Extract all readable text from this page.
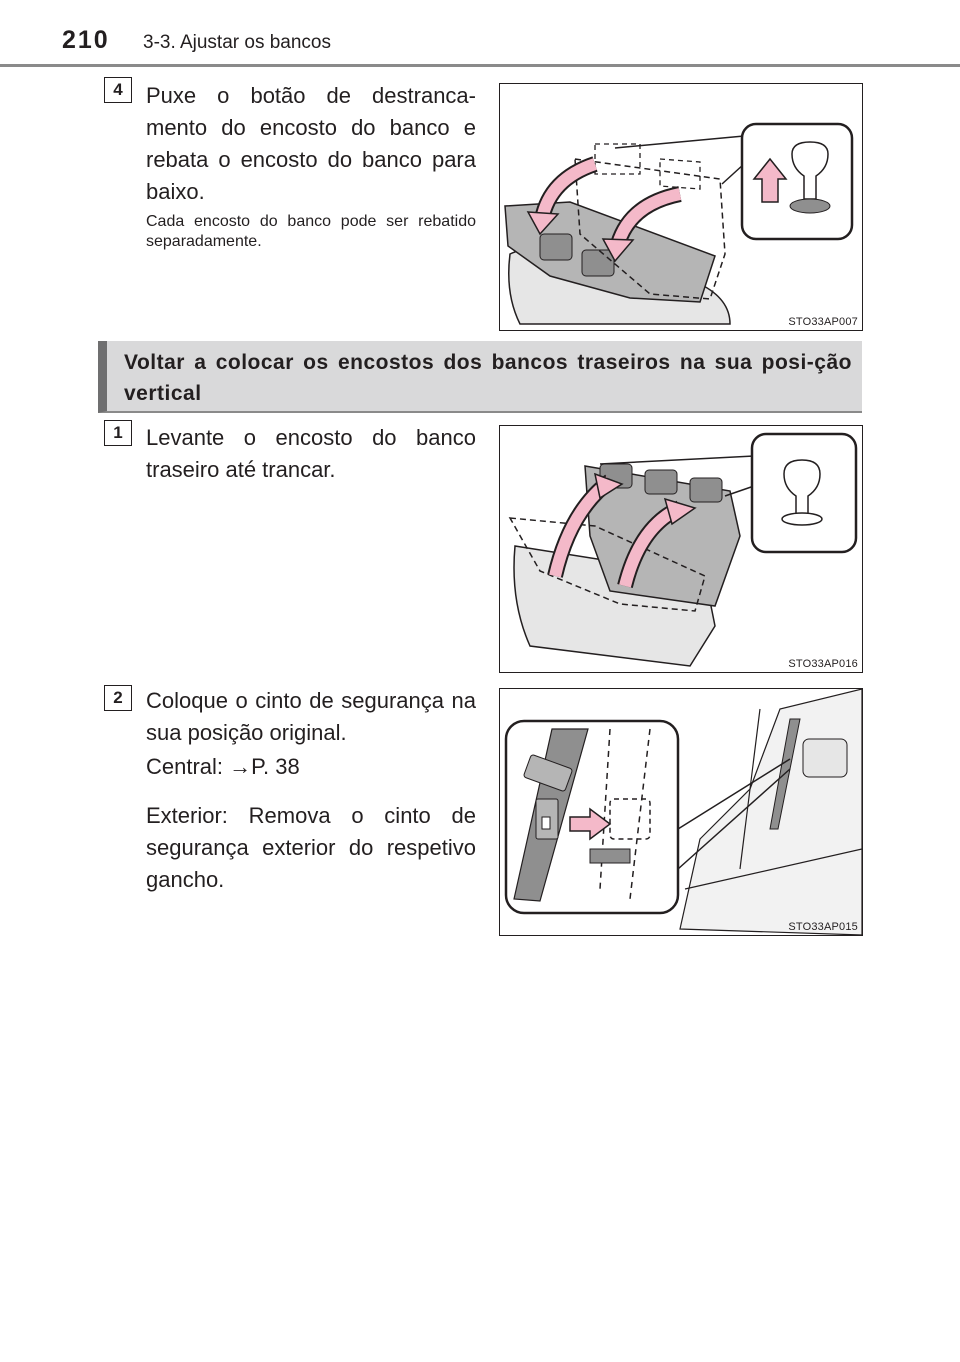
210 3-3. Ajustar os bancos
4	Puxe o botão de destranca-mento do encosto do banco e rebata o encosto do banco para baixo.

Cada encosto do banco pode ser rebatido separadamente.

STO33AP007

Voltar a colocar os encostos dos bancos traseiros na sua posi-ção vertical

1	Levante o encosto do banco traseiro até trancar.

STO33AP016
2	Coloque o cinto de segurança na sua posição original.

Central: →P. 38

Exterior: Remova o cinto de segurança exterior do respetivo gancho.

STO33AP015
